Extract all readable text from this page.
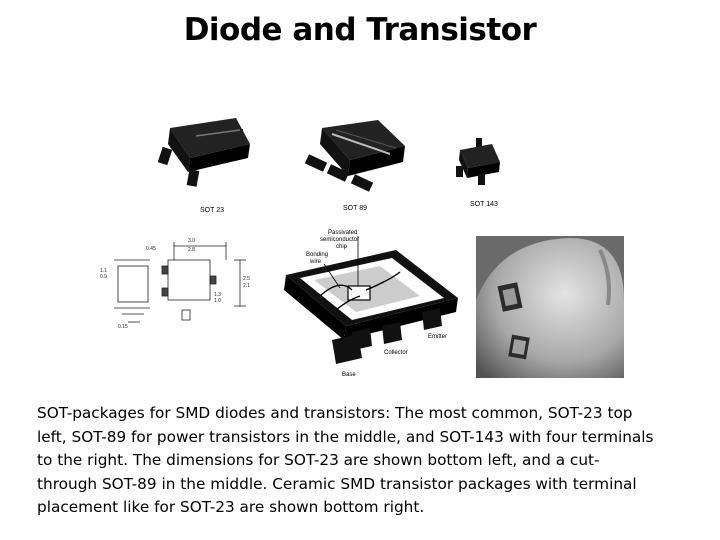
Diode and Transistor
SOT 23	SOT 89
SOT 143
3.0
2.8
1.1
0.9	2.5
2.1
1.3
1.0
0.45
0.15
Passivated
semiconductor
chip
Bonding
wire
Emitter
Collector
Base
SOT-packages for SMD diodes and transistors: The most common, SOT-23 top
left, SOT-89 for power transistors in the middle, and SOT-143 with four terminals
to the right. The dimensions for SOT-23 are shown bottom left, and a cut-
through SOT-89 in the middle. Ceramic SMD transistor packages with terminal
placement like for SOT-23 are shown bottom right.
